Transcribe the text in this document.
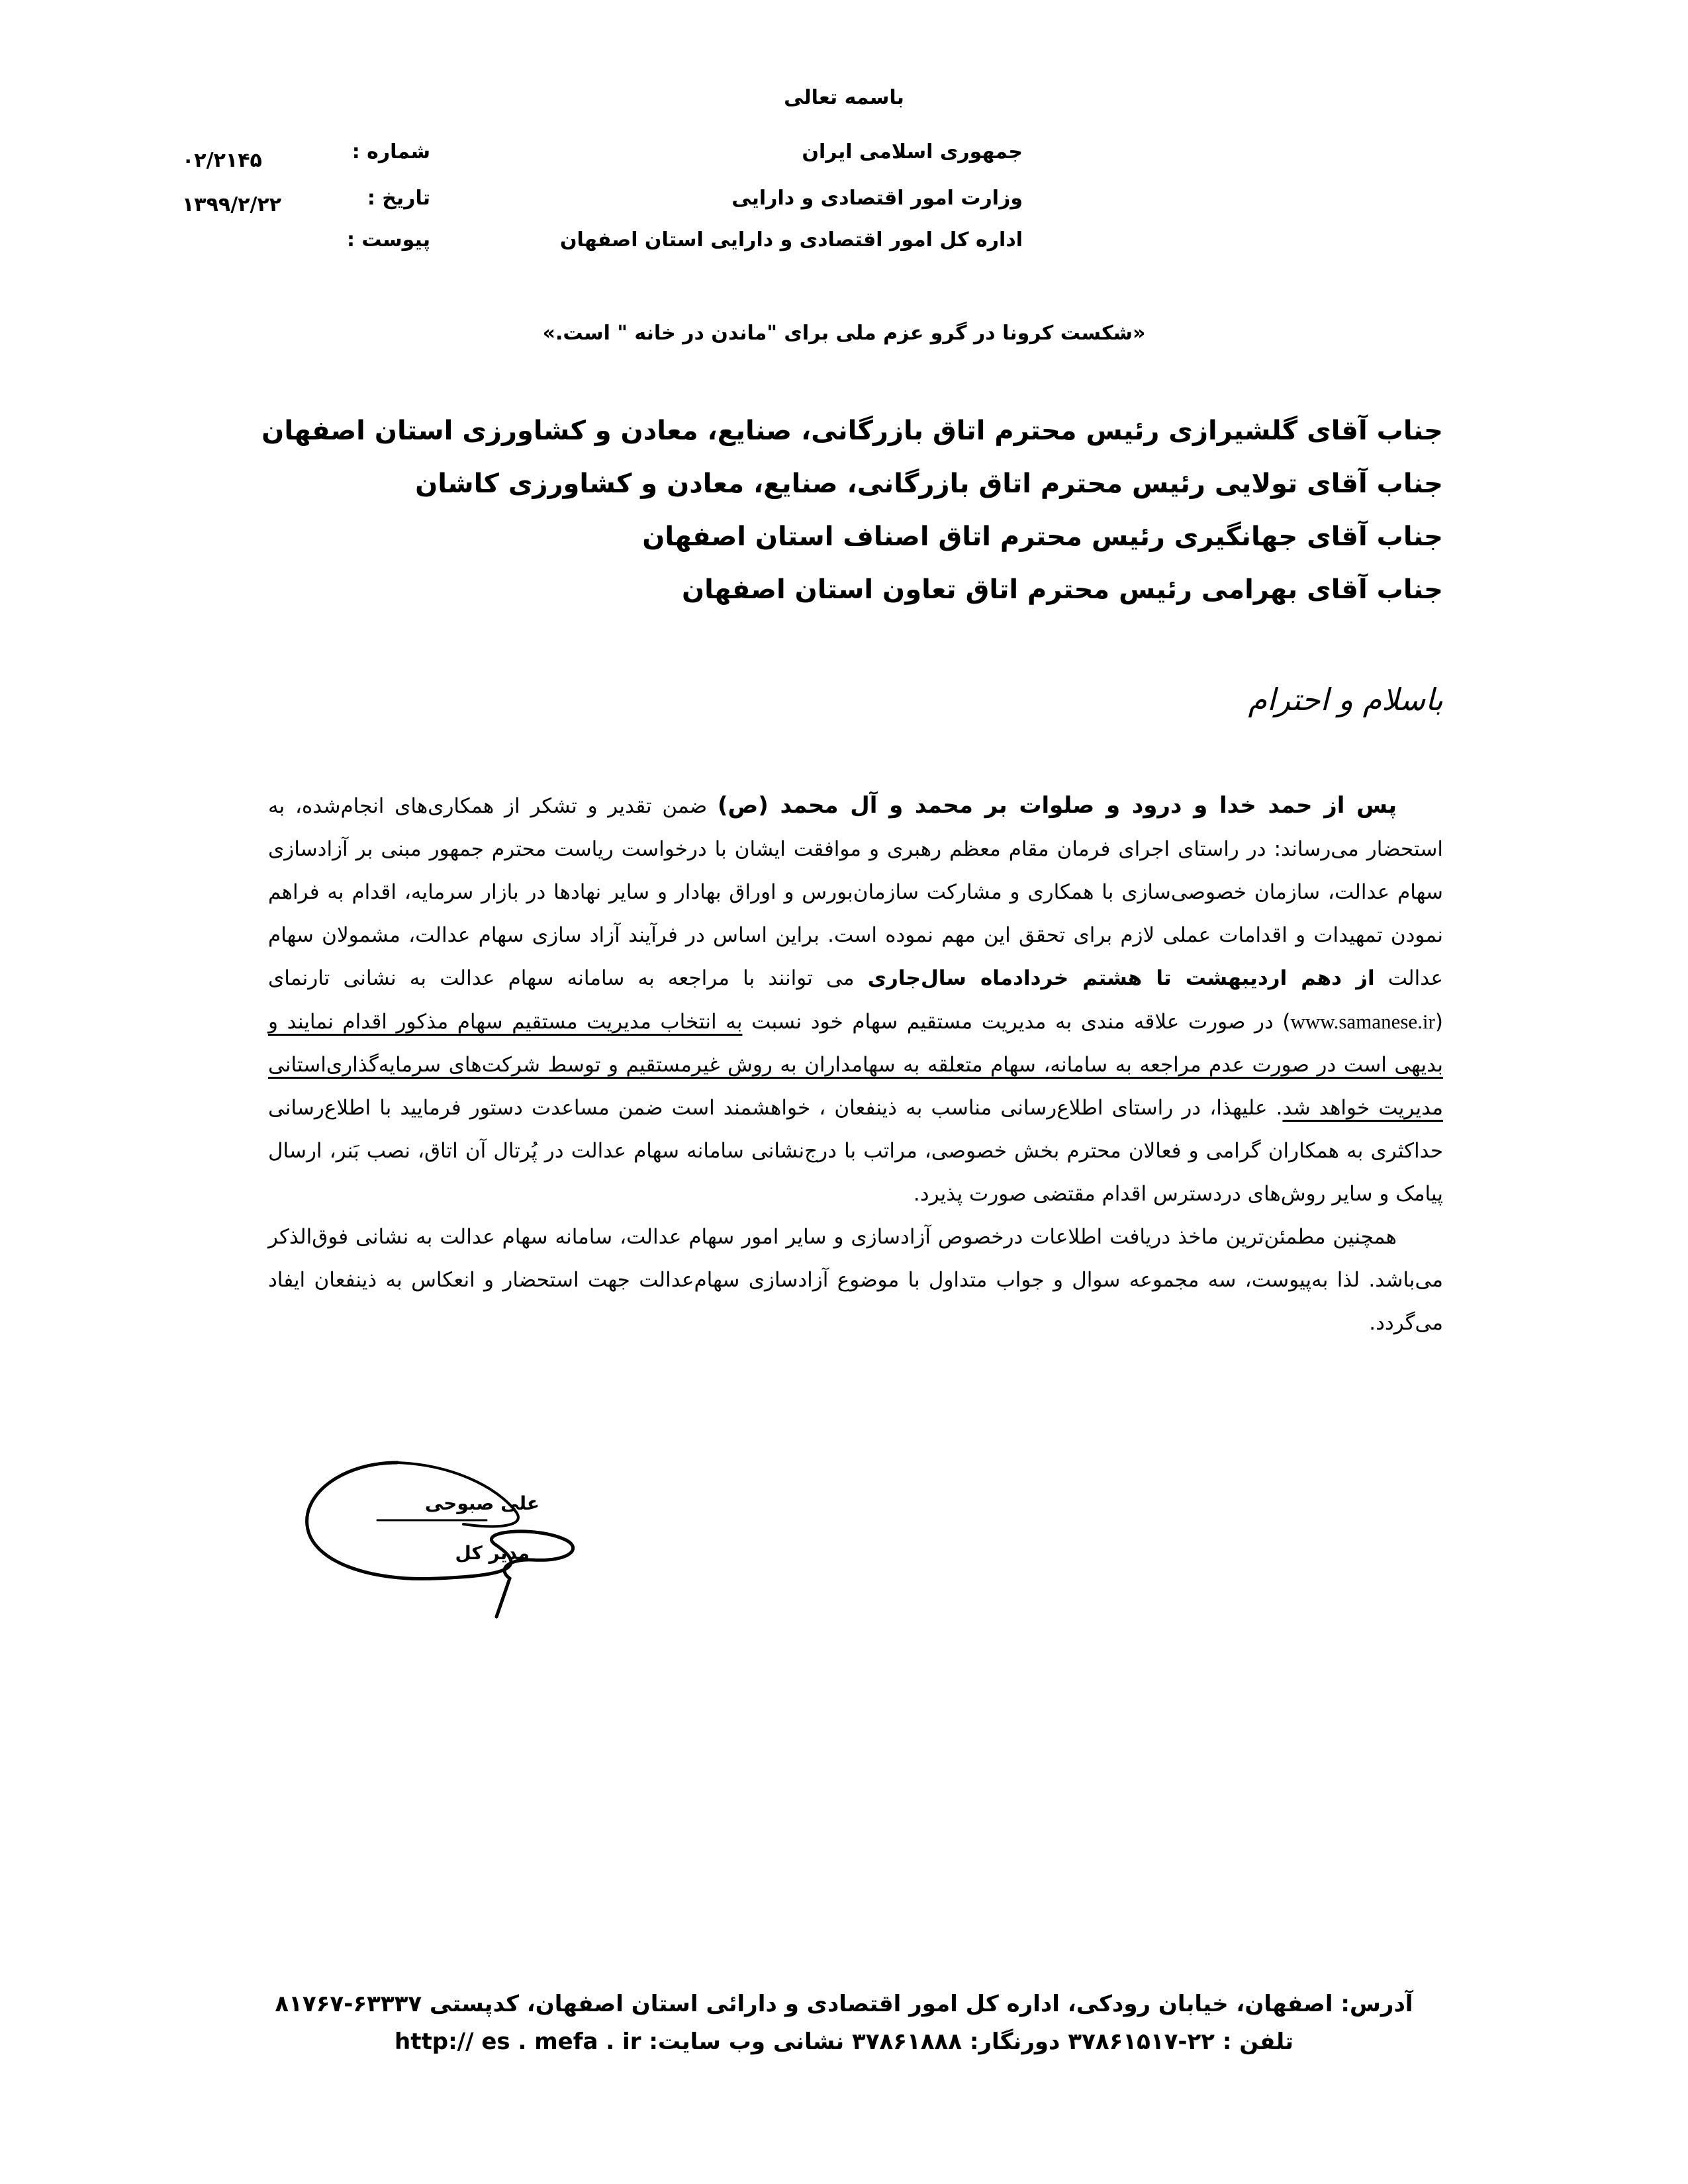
باسمه تعالی
جمهوری اسلامی ایران
وزارت امور اقتصادی و دارایی
اداره کل امور اقتصادی و دارایی استان اصفهان
شماره :
تاریخ :
پیوست :
۰۲/۲۱۴۵
۱۳۹۹/۲/۲۲
«شکست کرونا در گرو عزم ملی برای "ماندن در خانه " است.»
جناب آقای گلشیرازی رئیس محترم اتاق بازرگانی، صنایع، معادن و کشاورزی استان اصفهان
جناب آقای تولایی رئیس محترم اتاق بازرگانی، صنایع، معادن و کشاورزی کاشان
جناب آقای جهانگیری رئیس محترم اتاق اصناف استان اصفهان
جناب آقای بهرامی رئیس محترم اتاق تعاون استان اصفهان
باسلام و احترام

پس از حمد خدا و درود و صلوات بر محمد و آل محمد (ص) ضمن تقدیر و تشکر از همکاری‌های انجام‌شده، به استحضار می‌رساند: در راستای اجرای فرمان مقام معظم رهبری و موافقت ایشان با درخواست ریاست محترم جمهور مبنی بر آزادسازی سهام عدالت، سازمان خصوصی‌سازی با همکاری و مشارکت سازمان‌بورس و اوراق بهادار و سایر نهادها در بازار سرمایه، اقدام به فراهم نمودن تمهیدات و اقدامات عملی لازم برای تحقق این مهم نموده است. براین اساس در فرآیند آزاد سازی سهام عدالت، مشمولان سهام عدالت از دهم اردیبهشت تا هشتم خردادماه سال‌جاری می توانند با مراجعه به سامانه سهام عدالت به نشانی تارنمای (www.samanese.ir) در صورت علاقه مندی به مدیریت مستقیم سهام خود نسبت به انتخاب مدیریت مستقیم سهام مذکور اقدام نمایند و بدیهی است در صورت عدم مراجعه به سامانه، سهام متعلقه به سهامداران به روش غیرمستقیم و توسط شرکت‌های سرمایه‌گذاری‌استانی مدیریت خواهد شد. علیهذا، در راستای اطلاع‌رسانی مناسب به ذینفعان ، خواهشمند است ضمن مساعدت دستور فرمایید با اطلاع‌رسانی حداکثری به همکاران گرامی و فعالان محترم بخش خصوصی، مراتب با درج‌نشانی سامانه سهام عدالت در پُرتال آن اتاق، نصب بَنر، ارسال پیامک و سایر روش‌های دردسترس اقدام مقتضی صورت پذیرد.

همچنین مطمئن‌ترین ماخذ دریافت اطلاعات درخصوص آزادسازی و سایر امور سهام عدالت، سامانه سهام عدالت به نشانی فوق‌الذکر می‌باشد. لذا به‌پیوست، سه مجموعه سوال و جواب متداول با موضوع آزادسازی سهام‌عدالت جهت استحضار و انعکاس به ذینفعان ایفاد می‌گردد.

علی صبوحی
مدیر کل
آدرس: اصفهان، خیابان رودکی، اداره کل امور اقتصادی و دارائی استان اصفهان، کدپستی ۶۳۳۳۷-۸۱۷۶۷
تلفن : ۲۲-۳۷۸۶۱۵۱۷ دورنگار: ۳۷۸۶۱۸۸۸ نشانی وب سایت: http:// es . mefa . ir
